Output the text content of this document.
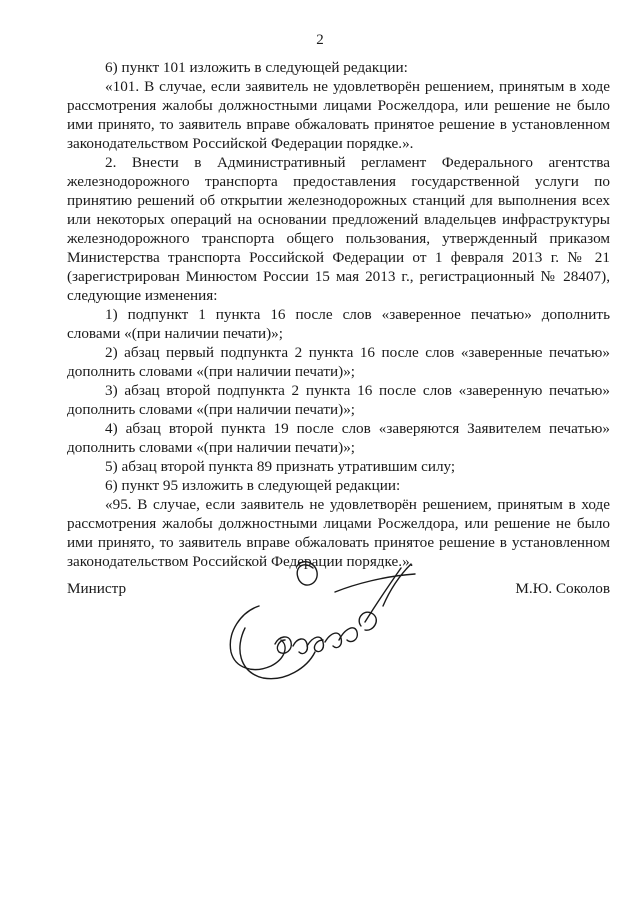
2

6) пункт 101 изложить в следующей редакции:

«101. В случае, если заявитель не удовлетворён решением, принятым в ходе рассмотрения жалобы должностными лицами Росжелдора, или решение не было ими принято, то заявитель вправе обжаловать принятое решение в установленном законодательством Российской Федерации порядке.».

2. Внести в Административный регламент Федерального агентства железнодорожного транспорта предоставления государственной услуги по принятию решений об открытии железнодорожных станций для выполнения всех или некоторых операций на основании предложений владельцев инфраструктуры железнодорожного транспорта общего пользования, утвержденный приказом Министерства транспорта Российской Федерации от 1 февраля 2013 г. № 21 (зарегистрирован Минюстом России 15 мая 2013 г., регистрационный № 28407), следующие изменения:

1) подпункт 1 пункта 16 после слов «заверенное печатью» дополнить словами «(при наличии печати)»;

2) абзац первый подпункта 2 пункта 16 после слов «заверенные печатью» дополнить словами «(при наличии печати)»;

3) абзац второй подпункта 2 пункта 16 после слов «заверенную печатью» дополнить словами «(при наличии печати)»;

4) абзац второй пункта 19 после слов «заверяются Заявителем печатью» дополнить словами «(при наличии печати)»;

5) абзац второй пункта 89 признать утратившим силу;

6) пункт 95 изложить в следующей редакции:

«95. В случае, если заявитель не удовлетворён решением, принятым в ходе рассмотрения жалобы должностными лицами Росжелдора, или решение не было ими принято, то заявитель вправе обжаловать принятое решение в установленном законодательством Российской Федерации порядке.».

Министр	М.Ю. Соколов
